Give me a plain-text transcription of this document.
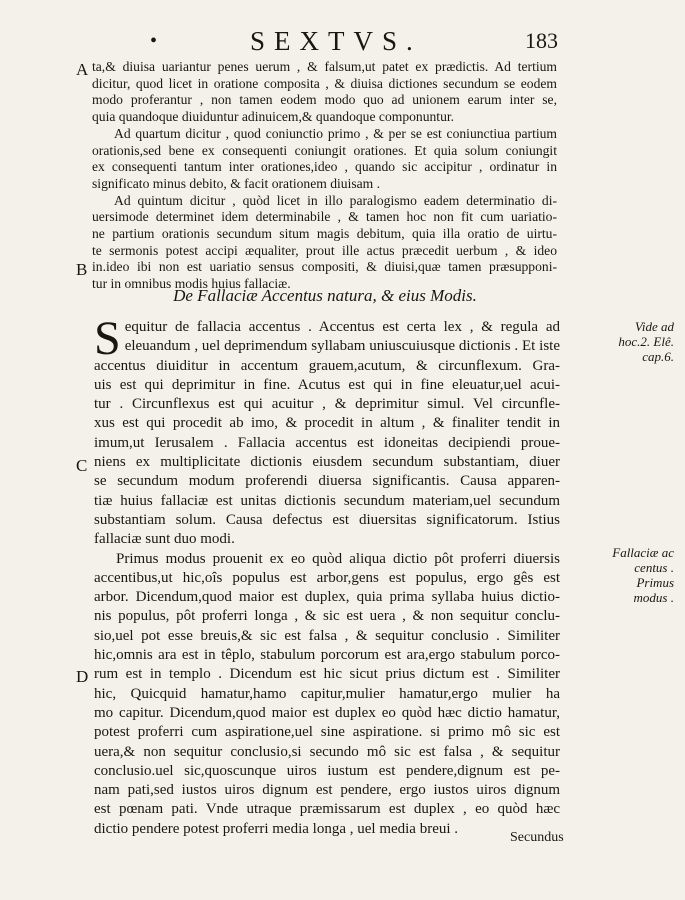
•	SEXTVS.	183
A
B
C
D
ta,& diuisa uariantur penes uerum , & falsum,ut patet ex prædictis. Ad tertium
dicitur, quod licet in oratione composita , & diuisa dictiones secundum se eodem
modo proferantur , non tamen eodem modo quo ad unionem earum inter se,
quia quandoque diuiduntur adinuicem,& quandoque componuntur.
Ad quartum dicitur , quod coniunctio primo , & per se est coniunctiua partium
orationis,sed bene ex consequenti coniungit orationes. Et quia solum coniungit
ex consequenti tantum inter orationes,ideo , quando sic accipitur , ordinatur in
significato minus debito, & facit orationem diuisam .
Ad quintum dicitur , quòd licet in illo paralogismo eadem determinatio di-
uersimode determinet idem determinabile , & tamen hoc non fit cum uariatio-
ne partium orationis secundum situm magis debitum, quia illa oratio de uirtu-
te sermonis potest accipi æqualiter, prout ille actus præcedit uerbum , & ideo
in.ideo ibi non est uariatio sensus compositi, & diuisi,quæ tamen præsupponi-
tur in omnibus modis huius fallaciæ.
De Fallaciæ Accentus natura, & eius Modis.
S equitur de fallacia accentus . Accentus est certa lex , & regula ad
eleuandum , uel deprimendum syllabam uniuscuiusque dictionis . Et iste
accentus diuiditur in accentum grauem,acutum, & circunflexum. Gra-
uis est qui deprimitur in fine. Acutus est qui in fine eleuatur,uel acui-
tur . Circunflexus est qui acuitur , & deprimitur simul. Vel circunfle-
xus est qui procedit ab imo, & procedit in altum , & finaliter tendit in
imum,ut Ierusalem . Fallacia accentus est idoneitas decipiendi proue-
niens ex multiplicitate dictionis eiusdem secundum substantiam, diuer
se secundum modum proferendi diuersa significantis. Causa apparen-
tiæ huius fallaciæ est unitas dictionis secundum materiam,uel secundum
substantiam solum. Causa defectus est diuersitas significatorum. Istius
fallaciæ sunt duo modi.
Primus modus prouenit ex eo quòd aliqua dictio pôt proferri diuersis
accentibus,ut hic,oîs populus est arbor,gens est populus, ergo gês est
arbor. Dicendum,quod maior est duplex, quia prima syllaba huius dictio-
nis populus, pôt proferri longa , & sic est uera , & non sequitur conclu-
sio,uel pot esse breuis,& sic est falsa , & sequitur conclusio . Similiter
hic,omnis ara est in têplo, stabulum porcorum est ara,ergo stabulum porco-
rum est in templo . Dicendum est hic sicut prius dictum est . Similiter
hic, Quicquid hamatur,hamo capitur,mulier hamatur,ergo mulier ha
mo capitur. Dicendum,quod maior est duplex eo quòd hæc dictio hamatur,
potest proferri cum aspiratione,uel sine aspiratione. si primo mô sic est
uera,& non sequitur conclusio,si secundo mô sic est falsa , & sequitur
conclusio.uel sic,quoscunque uiros iustum est pendere,dignum est pe-
nam pati,sed iustos uiros dignum est pendere, ergo iustos uiros dignum
est pœnam pati. Vnde utraque præmissarum est duplex , eo quòd hæc
dictio pendere potest proferri media longa , uel media breui .
Vide ad
hoc.2. Elê.
cap.6.
Fallaciæ ac
centus .
Primus
modus .
Secundus
